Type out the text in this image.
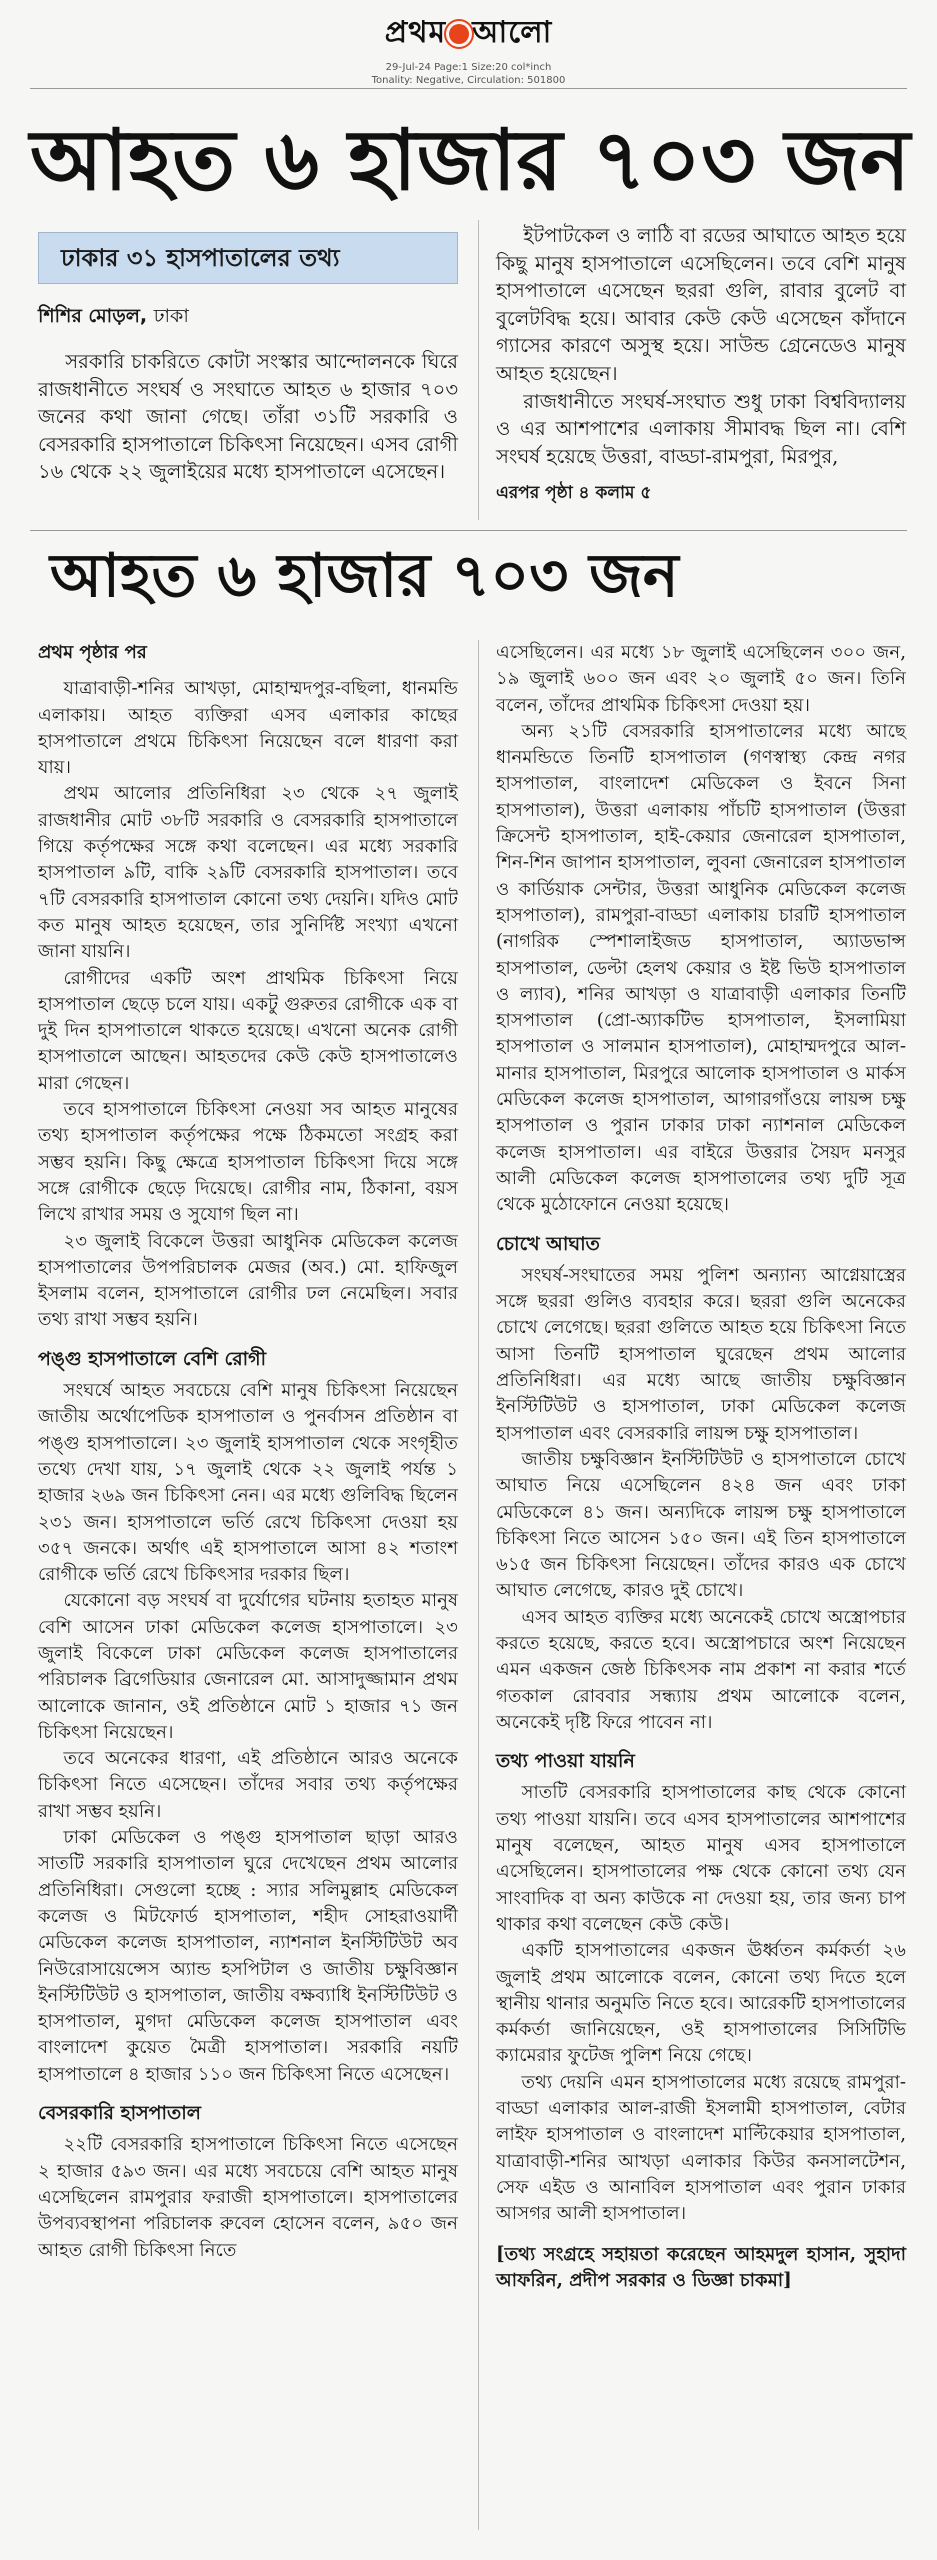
প্রথম আলো
29-Jul-24 Page:1 Size:20 col*inch
Tonality: Negative, Circulation: 501800
আহত ৬ হাজার ৭০৩ জন
ঢাকার ৩১ হাসপাতালের তথ্য
শিশির মোড়ল, ঢাকা

সরকারি চাকরিতে কোটা সংস্কার আন্দোলনকে ঘিরে রাজধানীতে সংঘর্ষ ও সংঘাতে আহত ৬ হাজার ৭০৩ জনের কথা জানা গেছে। তাঁরা ৩১টি সরকারি ও বেসরকারি হাসপাতালে চিকিৎসা নিয়েছেন। এসব রোগী ১৬ থেকে ২২ জুলাইয়ের মধ্যে হাসপাতালে এসেছেন।

ইটপাটকেল ও লাঠি বা রডের আঘাতে আহত হয়ে কিছু মানুষ হাসপাতালে এসেছিলেন। তবে বেশি মানুষ হাসপাতালে এসেছেন ছররা গুলি, রাবার বুলেট বা বুলেটবিদ্ধ হয়ে। আবার কেউ কেউ এসেছেন কাঁদানে গ্যাসের কারণে অসুস্থ হয়ে। সাউন্ড গ্রেনেডেও মানুষ আহত হয়েছেন।

রাজধানীতে সংঘর্ষ-সংঘাত শুধু ঢাকা বিশ্ববিদ্যালয় ও এর আশপাশের এলাকায় সীমাবদ্ধ ছিল না। বেশি সংঘর্ষ হয়েছে উত্তরা, বাড্ডা-রামপুরা, মিরপুর,

এরপর পৃষ্ঠা ৪ কলাম ৫

আহত ৬ হাজার ৭০৩ জন

প্রথম পৃষ্ঠার পর

যাত্রাবাড়ী-শনির আখড়া, মোহাম্মদপুর-বছিলা, ধানমন্ডি এলাকায়। আহত ব্যক্তিরা এসব এলাকার কাছের হাসপাতালে প্রথমে চিকিৎসা নিয়েছেন বলে ধারণা করা যায়।

প্রথম আলোর প্রতিনিধিরা ২৩ থেকে ২৭ জুলাই রাজধানীর মোট ৩৮টি সরকারি ও বেসরকারি হাসপাতালে গিয়ে কর্তৃপক্ষের সঙ্গে কথা বলেছেন। এর মধ্যে সরকারি হাসপাতাল ৯টি, বাকি ২৯টি বেসরকারি হাসপাতাল। তবে ৭টি বেসরকারি হাসপাতাল কোনো তথ্য দেয়নি। যদিও মোট কত মানুষ আহত হয়েছেন, তার সুনির্দিষ্ট সংখ্যা এখনো জানা যায়নি।

রোগীদের একটি অংশ প্রাথমিক চিকিৎসা নিয়ে হাসপাতাল ছেড়ে চলে যায়। একটু গুরুতর রোগীকে এক বা দুই দিন হাসপাতালে থাকতে হয়েছে। এখনো অনেক রোগী হাসপাতালে আছেন। আহতদের কেউ কেউ হাসপাতালেও মারা গেছেন।

তবে হাসপাতালে চিকিৎসা নেওয়া সব আহত মানুষের তথ্য হাসপাতাল কর্তৃপক্ষের পক্ষে ঠিকমতো সংগ্রহ করা সম্ভব হয়নি। কিছু ক্ষেত্রে হাসপাতাল চিকিৎসা দিয়ে সঙ্গে সঙ্গে রোগীকে ছেড়ে দিয়েছে। রোগীর নাম, ঠিকানা, বয়স লিখে রাখার সময় ও সুযোগ ছিল না।

২৩ জুলাই বিকেলে উত্তরা আধুনিক মেডিকেল কলেজ হাসপাতালের উপপরিচালক মেজর (অব.) মো. হাফিজুল ইসলাম বলেন, হাসপাতালে রোগীর ঢল নেমেছিল। সবার তথ্য রাখা সম্ভব হয়নি।

পঙ্গু হাসপাতালে বেশি রোগী

সংঘর্ষে আহত সবচেয়ে বেশি মানুষ চিকিৎসা নিয়েছেন জাতীয় অর্থোপেডিক হাসপাতাল ও পুনর্বাসন প্রতিষ্ঠান বা পঙ্গু হাসপাতালে। ২৩ জুলাই হাসপাতাল থেকে সংগৃহীত তথ্যে দেখা যায়, ১৭ জুলাই থেকে ২২ জুলাই পর্যন্ত ১ হাজার ২৬৯ জন চিকিৎসা নেন। এর মধ্যে গুলিবিদ্ধ ছিলেন ২৩১ জন। হাসপাতালে ভর্তি রেখে চিকিৎসা দেওয়া হয় ৩৫৭ জনকে। অর্থাৎ এই হাসপাতালে আসা ৪২ শতাংশ রোগীকে ভর্তি রেখে চিকিৎসার দরকার ছিল।

যেকোনো বড় সংঘর্ষ বা দুর্যোগের ঘটনায় হতাহত মানুষ বেশি আসেন ঢাকা মেডিকেল কলেজ হাসপাতালে। ২৩ জুলাই বিকেলে ঢাকা মেডিকেল কলেজ হাসপাতালের পরিচালক ব্রিগেডিয়ার জেনারেল মো. আসাদুজ্জামান প্রথম আলোকে জানান, ওই প্রতিষ্ঠানে মোট ১ হাজার ৭১ জন চিকিৎসা নিয়েছেন।

তবে অনেকের ধারণা, এই প্রতিষ্ঠানে আরও অনেকে চিকিৎসা নিতে এসেছেন। তাঁদের সবার তথ্য কর্তৃপক্ষের রাখা সম্ভব হয়নি।

ঢাকা মেডিকেল ও পঙ্গু হাসপাতাল ছাড়া আরও সাতটি সরকারি হাসপাতাল ঘুরে দেখেছেন প্রথম আলোর প্রতিনিধিরা। সেগুলো হচ্ছে : স্যার সলিমুল্লাহ মেডিকেল কলেজ ও মিটফোর্ড হাসপাতাল, শহীদ সোহরাওয়ার্দী মেডিকেল কলেজ হাসপাতাল, ন্যাশনাল ইনস্টিটিউট অব নিউরোসায়েন্সেস অ্যান্ড হসপিটাল ও জাতীয় চক্ষুবিজ্ঞান ইনস্টিটিউট ও হাসপাতাল, জাতীয় বক্ষব্যাধি ইনস্টিটিউট ও হাসপাতাল, মুগদা মেডিকেল কলেজ হাসপাতাল এবং বাংলাদেশ কুয়েত মৈত্রী হাসপাতাল। সরকারি নয়টি হাসপাতালে ৪ হাজার ১১০ জন চিকিৎসা নিতে এসেছেন।

বেসরকারি হাসপাতাল

২২টি বেসরকারি হাসপাতালে চিকিৎসা নিতে এসেছেন ২ হাজার ৫৯৩ জন। এর মধ্যে সবচেয়ে বেশি আহত মানুষ এসেছিলেন রামপুরার ফরাজী হাসপাতালে। হাসপাতালের উপব্যবস্থাপনা পরিচালক রুবেল হোসেন বলেন, ৯৫০ জন আহত রোগী চিকিৎসা নিতে

এসেছিলেন। এর মধ্যে ১৮ জুলাই এসেছিলেন ৩০০ জন, ১৯ জুলাই ৬০০ জন এবং ২০ জুলাই ৫০ জন। তিনি বলেন, তাঁদের প্রাথমিক চিকিৎসা দেওয়া হয়।

অন্য ২১টি বেসরকারি হাসপাতালের মধ্যে আছে ধানমন্ডিতে তিনটি হাসপাতাল (গণস্বাস্থ্য কেন্দ্র নগর হাসপাতাল, বাংলাদেশ মেডিকেল ও ইবনে সিনা হাসপাতাল), উত্তরা এলাকায় পাঁচটি হাসপাতাল (উত্তরা ক্রিসেন্ট হাসপাতাল, হাই-কেয়ার জেনারেল হাসপাতাল, শিন-শিন জাপান হাসপাতাল, লুবনা জেনারেল হাসপাতাল ও কার্ডিয়াক সেন্টার, উত্তরা আধুনিক মেডিকেল কলেজ হাসপাতাল), রামপুরা-বাড্ডা এলাকায় চারটি হাসপাতাল (নাগরিক স্পেশালাইজড হাসপাতাল, অ্যাডভান্স হাসপাতাল, ডেল্টা হেলথ কেয়ার ও ইষ্ট ভিউ হাসপাতাল ও ল্যাব), শনির আখড়া ও যাত্রাবাড়ী এলাকার তিনটি হাসপাতাল (প্রো-অ্যাকটিভ হাসপাতাল, ইসলামিয়া হাসপাতাল ও সালমান হাসপাতাল), মোহাম্মদপুরে আল-মানার হাসপাতাল, মিরপুরে আলোক হাসপাতাল ও মার্কস মেডিকেল কলেজ হাসপাতাল, আগারগাঁওয়ে লায়ন্স চক্ষু হাসপাতাল ও পুরান ঢাকার ঢাকা ন্যাশনাল মেডিকেল কলেজ হাসপাতাল। এর বাইরে উত্তরার সৈয়দ মনসুর আলী মেডিকেল কলেজ হাসপাতালের তথ্য দুটি সূত্র থেকে মুঠোফোনে নেওয়া হয়েছে।

চোখে আঘাত

সংঘর্ষ-সংঘাতের সময় পুলিশ অন্যান্য আগ্নেয়াস্ত্রের সঙ্গে ছররা গুলিও ব্যবহার করে। ছররা গুলি অনেকের চোখে লেগেছে। ছররা গুলিতে আহত হয়ে চিকিৎসা নিতে আসা তিনটি হাসপাতাল ঘুরেছেন প্রথম আলোর প্রতিনিধিরা। এর মধ্যে আছে জাতীয় চক্ষুবিজ্ঞান ইনস্টিটিউট ও হাসপাতাল, ঢাকা মেডিকেল কলেজ হাসপাতাল এবং বেসরকারি লায়ন্স চক্ষু হাসপাতাল।

জাতীয় চক্ষুবিজ্ঞান ইনস্টিটিউট ও হাসপাতালে চোখে আঘাত নিয়ে এসেছিলেন ৪২৪ জন এবং ঢাকা মেডিকেলে ৪১ জন। অন্যদিকে লায়ন্স চক্ষু হাসপাতালে চিকিৎসা নিতে আসেন ১৫০ জন। এই তিন হাসপাতালে ৬১৫ জন চিকিৎসা নিয়েছেন। তাঁদের কারও এক চোখে আঘাত লেগেছে, কারও দুই চোখে।

এসব আহত ব্যক্তির মধ্যে অনেকেই চোখে অস্ত্রোপচার করতে হয়েছে, করতে হবে। অস্ত্রোপচারে অংশ নিয়েছেন এমন একজন জেষ্ঠ চিকিৎসক নাম প্রকাশ না করার শর্তে গতকাল রোববার সন্ধ্যায় প্রথম আলোকে বলেন, অনেকেই দৃষ্টি ফিরে পাবেন না।

তথ্য পাওয়া যায়নি

সাতটি বেসরকারি হাসপাতালের কাছ থেকে কোনো তথ্য পাওয়া যায়নি। তবে এসব হাসপাতালের আশপাশের মানুষ বলেছেন, আহত মানুষ এসব হাসপাতালে এসেছিলেন। হাসপাতালের পক্ষ থেকে কোনো তথ্য যেন সাংবাদিক বা অন্য কাউকে না দেওয়া হয়, তার জন্য চাপ থাকার কথা বলেছেন কেউ কেউ।

একটি হাসপাতালের একজন ঊর্ধ্বতন কর্মকর্তা ২৬ জুলাই প্রথম আলোকে বলেন, কোনো তথ্য দিতে হলে স্থানীয় থানার অনুমতি নিতে হবে। আরেকটি হাসপাতালের কর্মকর্তা জানিয়েছেন, ওই হাসপাতালের সিসিটিভি ক্যামেরার ফুটেজ পুলিশ নিয়ে গেছে।

তথ্য দেয়নি এমন হাসপাতালের মধ্যে রয়েছে রামপুরা-বাড্ডা এলাকার আল-রাজী ইসলামী হাসপাতাল, বেটার লাইফ হাসপাতাল ও বাংলাদেশ মাল্টিকেয়ার হাসপাতাল, যাত্রাবাড়ী-শনির আখড়া এলাকার কিউর কনসালটেশন, সেফ এইড ও আনাবিল হাসপাতাল এবং পুরান ঢাকার আসগর আলী হাসপাতাল।

[তথ্য সংগ্রহে সহায়তা করেছেন আহমদুল হাসান, সুহাদা আফরিন, প্রদীপ সরকার ও ডিজ্ঞা চাকমা]
